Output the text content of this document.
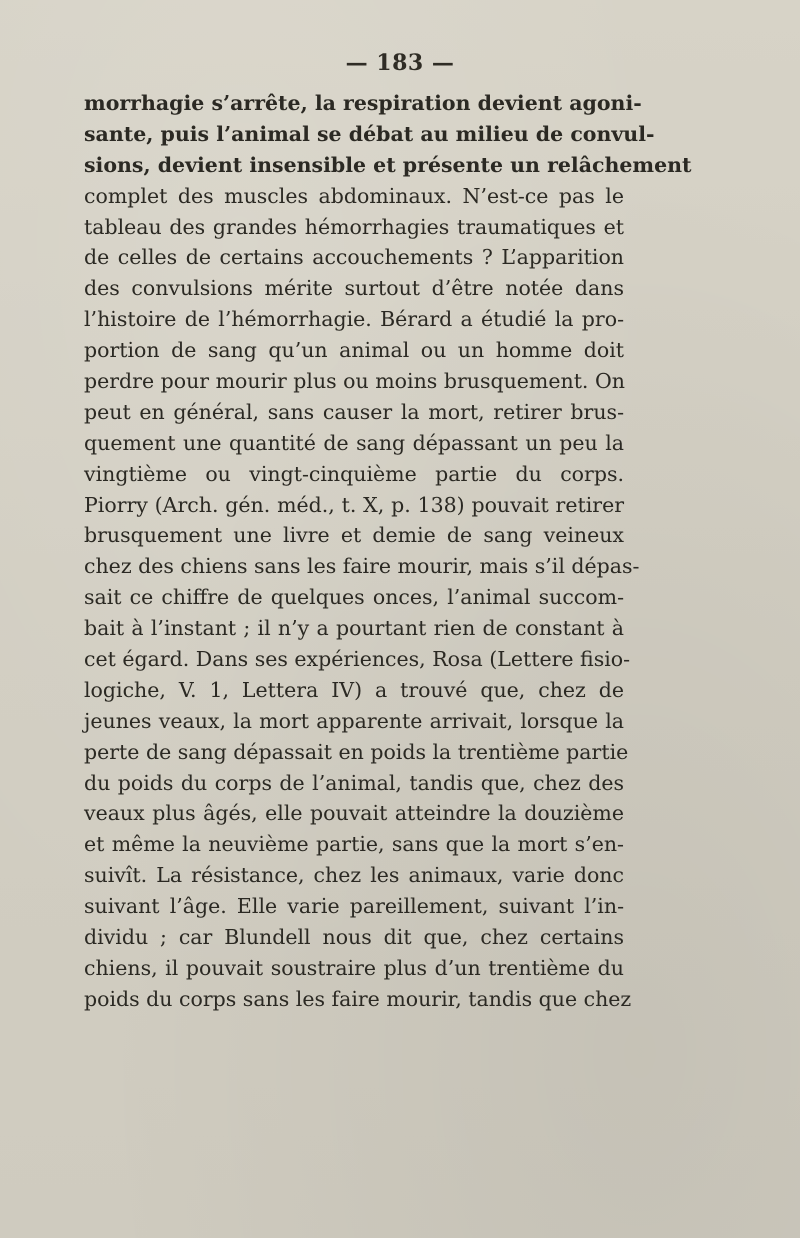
— 183 —
morrhagie s’arrête, la respiration devient agoni-
sante, puis l’animal se débat au milieu de convul-
sions, devient insensible et présente un relâchement
complet des muscles abdominaux. N’est-ce pas le
tableau des grandes hémorrhagies traumatiques et
de celles de certains accouchements ? L’apparition
des convulsions mérite surtout d’être notée dans
l’histoire de l’hémorrhagie. Bérard a étudié la pro-
portion de sang qu’un animal ou un homme doit
perdre pour mourir plus ou moins brusquement. On
peut en général, sans causer la mort, retirer brus-
quement une quantité de sang dépassant un peu la
vingtième ou vingt-cinquième partie du corps.
Piorry (Arch. gén. méd., t. X, p. 138) pouvait retirer
brusquement une livre et demie de sang veineux
chez des chiens sans les faire mourir, mais s’il dépas-
sait ce chiffre de quelques onces, l’animal succom-
bait à l’instant ; il n’y a pourtant rien de constant à
cet égard. Dans ses expériences, Rosa (Lettere fisio-
logiche, V. 1, Lettera IV) a trouvé que, chez de
jeunes veaux, la mort apparente arrivait, lorsque la
perte de sang dépassait en poids la trentième partie
du poids du corps de l’animal, tandis que, chez des
veaux plus âgés, elle pouvait atteindre la douzième
et même la neuvième partie, sans que la mort s’en-
suivît. La résistance, chez les animaux, varie donc
suivant l’âge. Elle varie pareillement, suivant l’in-
dividu ; car Blundell nous dit que, chez certains
chiens, il pouvait soustraire plus d’un trentième du
poids du corps sans les faire mourir, tandis que chez
